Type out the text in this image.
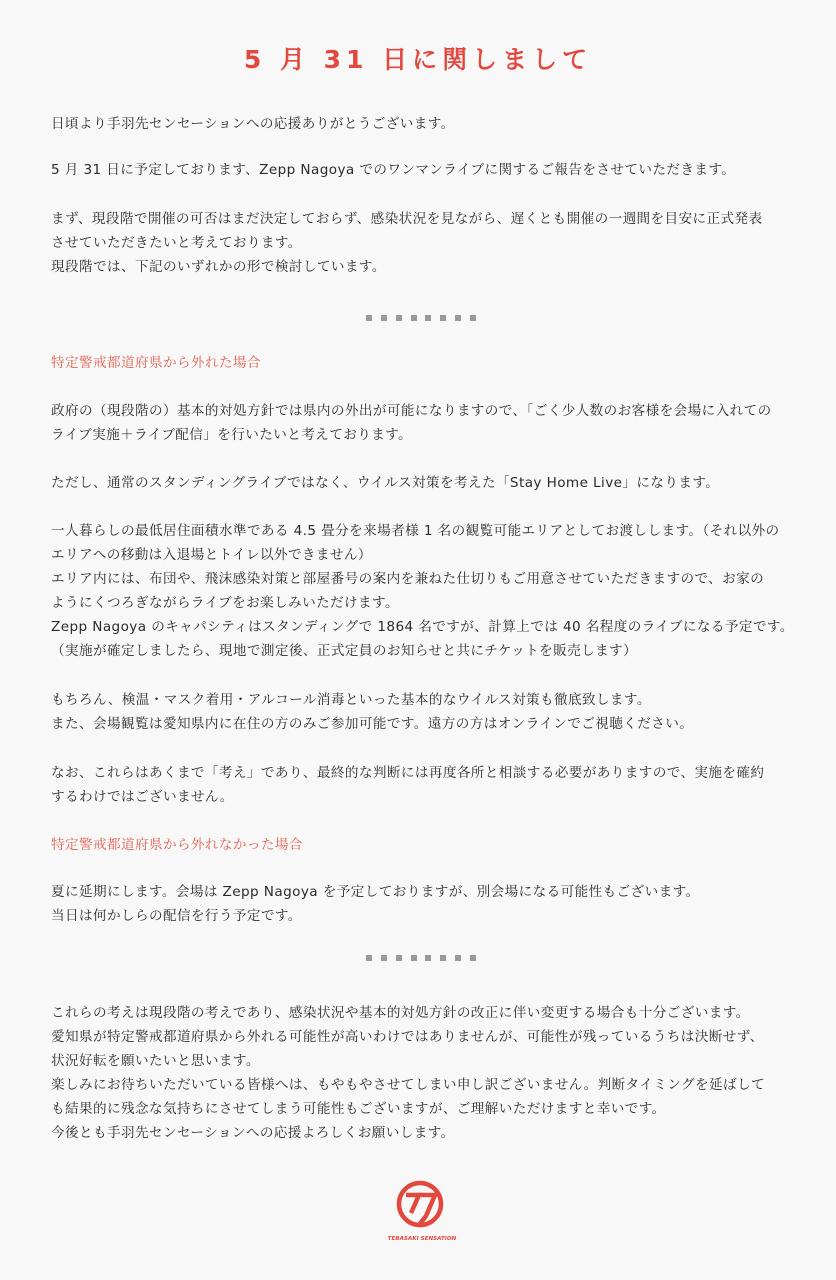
5 月 31 日に関しまして
日頃より手羽先センセーションへの応援ありがとうございます。
5 月 31 日に予定しております、Zepp Nagoya でのワンマンライブに関するご報告をさせていただきます。
まず、現段階で開催の可否はまだ決定しておらず、感染状況を見ながら、遅くとも開催の一週間を目安に正式発表
させていただきたいと考えております。
現段階では、下記のいずれかの形で検討しています。
特定警戒都道府県から外れた場合
政府の（現段階の）基本的対処方針では県内の外出が可能になりますので、「ごく少人数のお客様を会場に入れての
ライブ実施＋ライブ配信」を行いたいと考えております。
ただし、通常のスタンディングライブではなく、ウイルス対策を考えた「Stay Home Live」になります。
一人暮らしの最低居住面積水準である 4.5 畳分を来場者様 1 名の観覧可能エリアとしてお渡しします。（それ以外の
エリアへの移動は入退場とトイレ以外できません）
エリア内には、布団や、飛沫感染対策と部屋番号の案内を兼ねた仕切りもご用意させていただきますので、お家の
ようにくつろぎながらライブをお楽しみいただけます。
Zepp Nagoya のキャパシティはスタンディングで 1864 名ですが、計算上では 40 名程度のライブになる予定です。
（実施が確定しましたら、現地で測定後、正式定員のお知らせと共にチケットを販売します）
もちろん、検温・マスク着用・アルコール消毒といった基本的なウイルス対策も徹底致します。
また、会場観覧は愛知県内に在住の方のみご参加可能です。遠方の方はオンラインでご視聴ください。
なお、これらはあくまで「考え」であり、最終的な判断には再度各所と相談する必要がありますので、実施を確約
するわけではございません。
特定警戒都道府県から外れなかった場合
夏に延期にします。会場は Zepp Nagoya を予定しておりますが、別会場になる可能性もございます。
当日は何かしらの配信を行う予定です。
これらの考えは現段階の考えであり、感染状況や基本的対処方針の改正に伴い変更する場合も十分ございます。
愛知県が特定警戒都道府県から外れる可能性が高いわけではありませんが、可能性が残っているうちは決断せず、
状況好転を願いたいと思います。
楽しみにお待ちいただいている皆様へは、もやもやさせてしまい申し訳ございません。判断タイミングを延ばして
も結果的に残念な気持ちにさせてしまう可能性もございますが、ご理解いただけますと幸いです。
今後とも手羽先センセーションへの応援よろしくお願いします。
TEBASAKI SENSATION
